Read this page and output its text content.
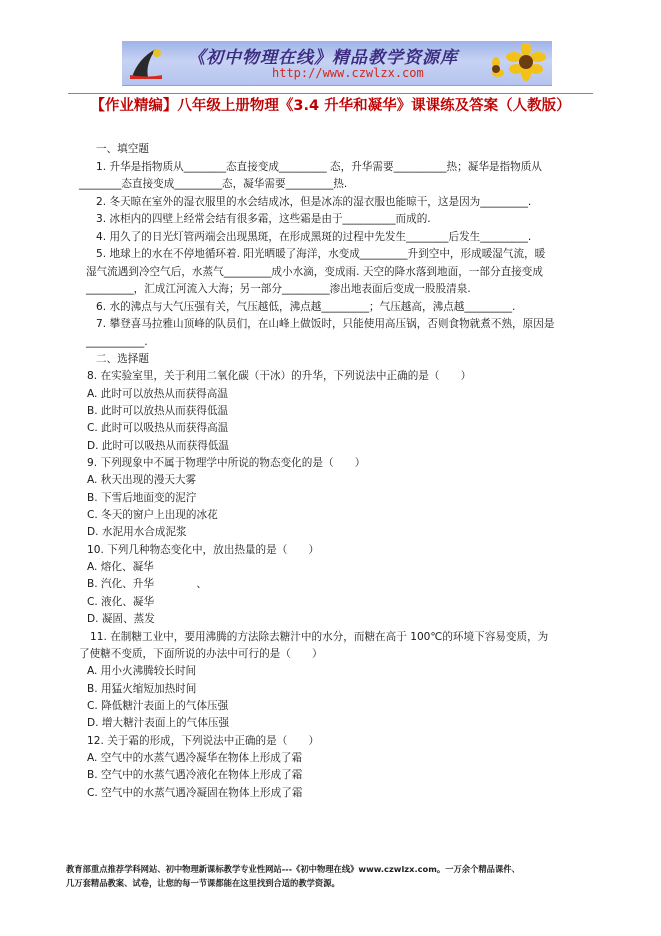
《初中物理在线》精品教学资源库
http://www.czwlzx.com
【作业精编】八年级上册物理《3.4 升华和凝华》课课练及答案（人教版）
一、填空题
1. 升华是指物质从________态直接变成_________ 态，升华需要__________热；凝华是指物质从
________态直接变成_________态，凝华需要_________热.
2. 冬天晾在室外的湿衣服里的水会结成冰，但是冰冻的湿衣服也能晾干，这是因为_________.
3. 冰柜内的四壁上经常会结有很多霜，这些霜是由于__________而成的.
4. 用久了的日光灯管两端会出现黑斑，在形成黑斑的过程中先发生________后发生_________.
5. 地球上的水在不停地循环着. 阳光晒暖了海洋，水变成_________升到空中，形成暖湿气流，暖
湿气流遇到冷空气后，水蒸气_________成小水滴，变成雨. 天空的降水落到地面，一部分直接变成
_________，汇成江河流入大海；另一部分_________渗出地表面后变成一股股清泉.
6. 水的沸点与大气压强有关，气压越低，沸点越_________；气压越高，沸点越_________.
7. 攀登喜马拉雅山顶峰的队员们，在山峰上做饭时，只能使用高压锅，否则食物就煮不熟，原因是
___________.
二、选择题
8. 在实验室里，关于利用二氧化碳（干冰）的升华，下列说法中正确的是（　　）
A. 此时可以放热从而获得高温
B. 此时可以放热从而获得低温
C. 此时可以吸热从而获得高温
D. 此时可以吸热从而获得低温
9. 下列现象中不属于物理学中所说的物态变化的是（　　）
A. 秋天出现的漫天大雾
B. 下雪后地面变的泥泞
C. 冬天的窗户上出现的冰花
D. 水泥用水合成泥浆
10. 下列几种物态变化中，放出热量的是（　　）
A. 熔化、凝华
B. 汽化、升华　　　　、
C. 液化、凝华
D. 凝固、蒸发
11. 在制糖工业中，要用沸腾的方法除去糖汁中的水分，而糖在高于 100℃的环境下容易变质，为
了使糖不变质，下面所说的办法中可行的是（　　）
A. 用小火沸腾较长时间
B. 用猛火缩短加热时间
C. 降低糖汁表面上的气体压强
D. 增大糖汁表面上的气体压强
12. 关于霜的形成，下列说法中正确的是（　　）
A. 空气中的水蒸气遇冷凝华在物体上形成了霜
B. 空气中的水蒸气遇冷液化在物体上形成了霜
C. 空气中的水蒸气遇冷凝固在物体上形成了霜
教育部重点推荐学科网站、初中物理新课标教学专业性网站---《初中物理在线》www.czwlzx.com。一万余个精品课件、
几万套精品教案、试卷，让您的每一节课都能在这里找到合适的教学资源。
